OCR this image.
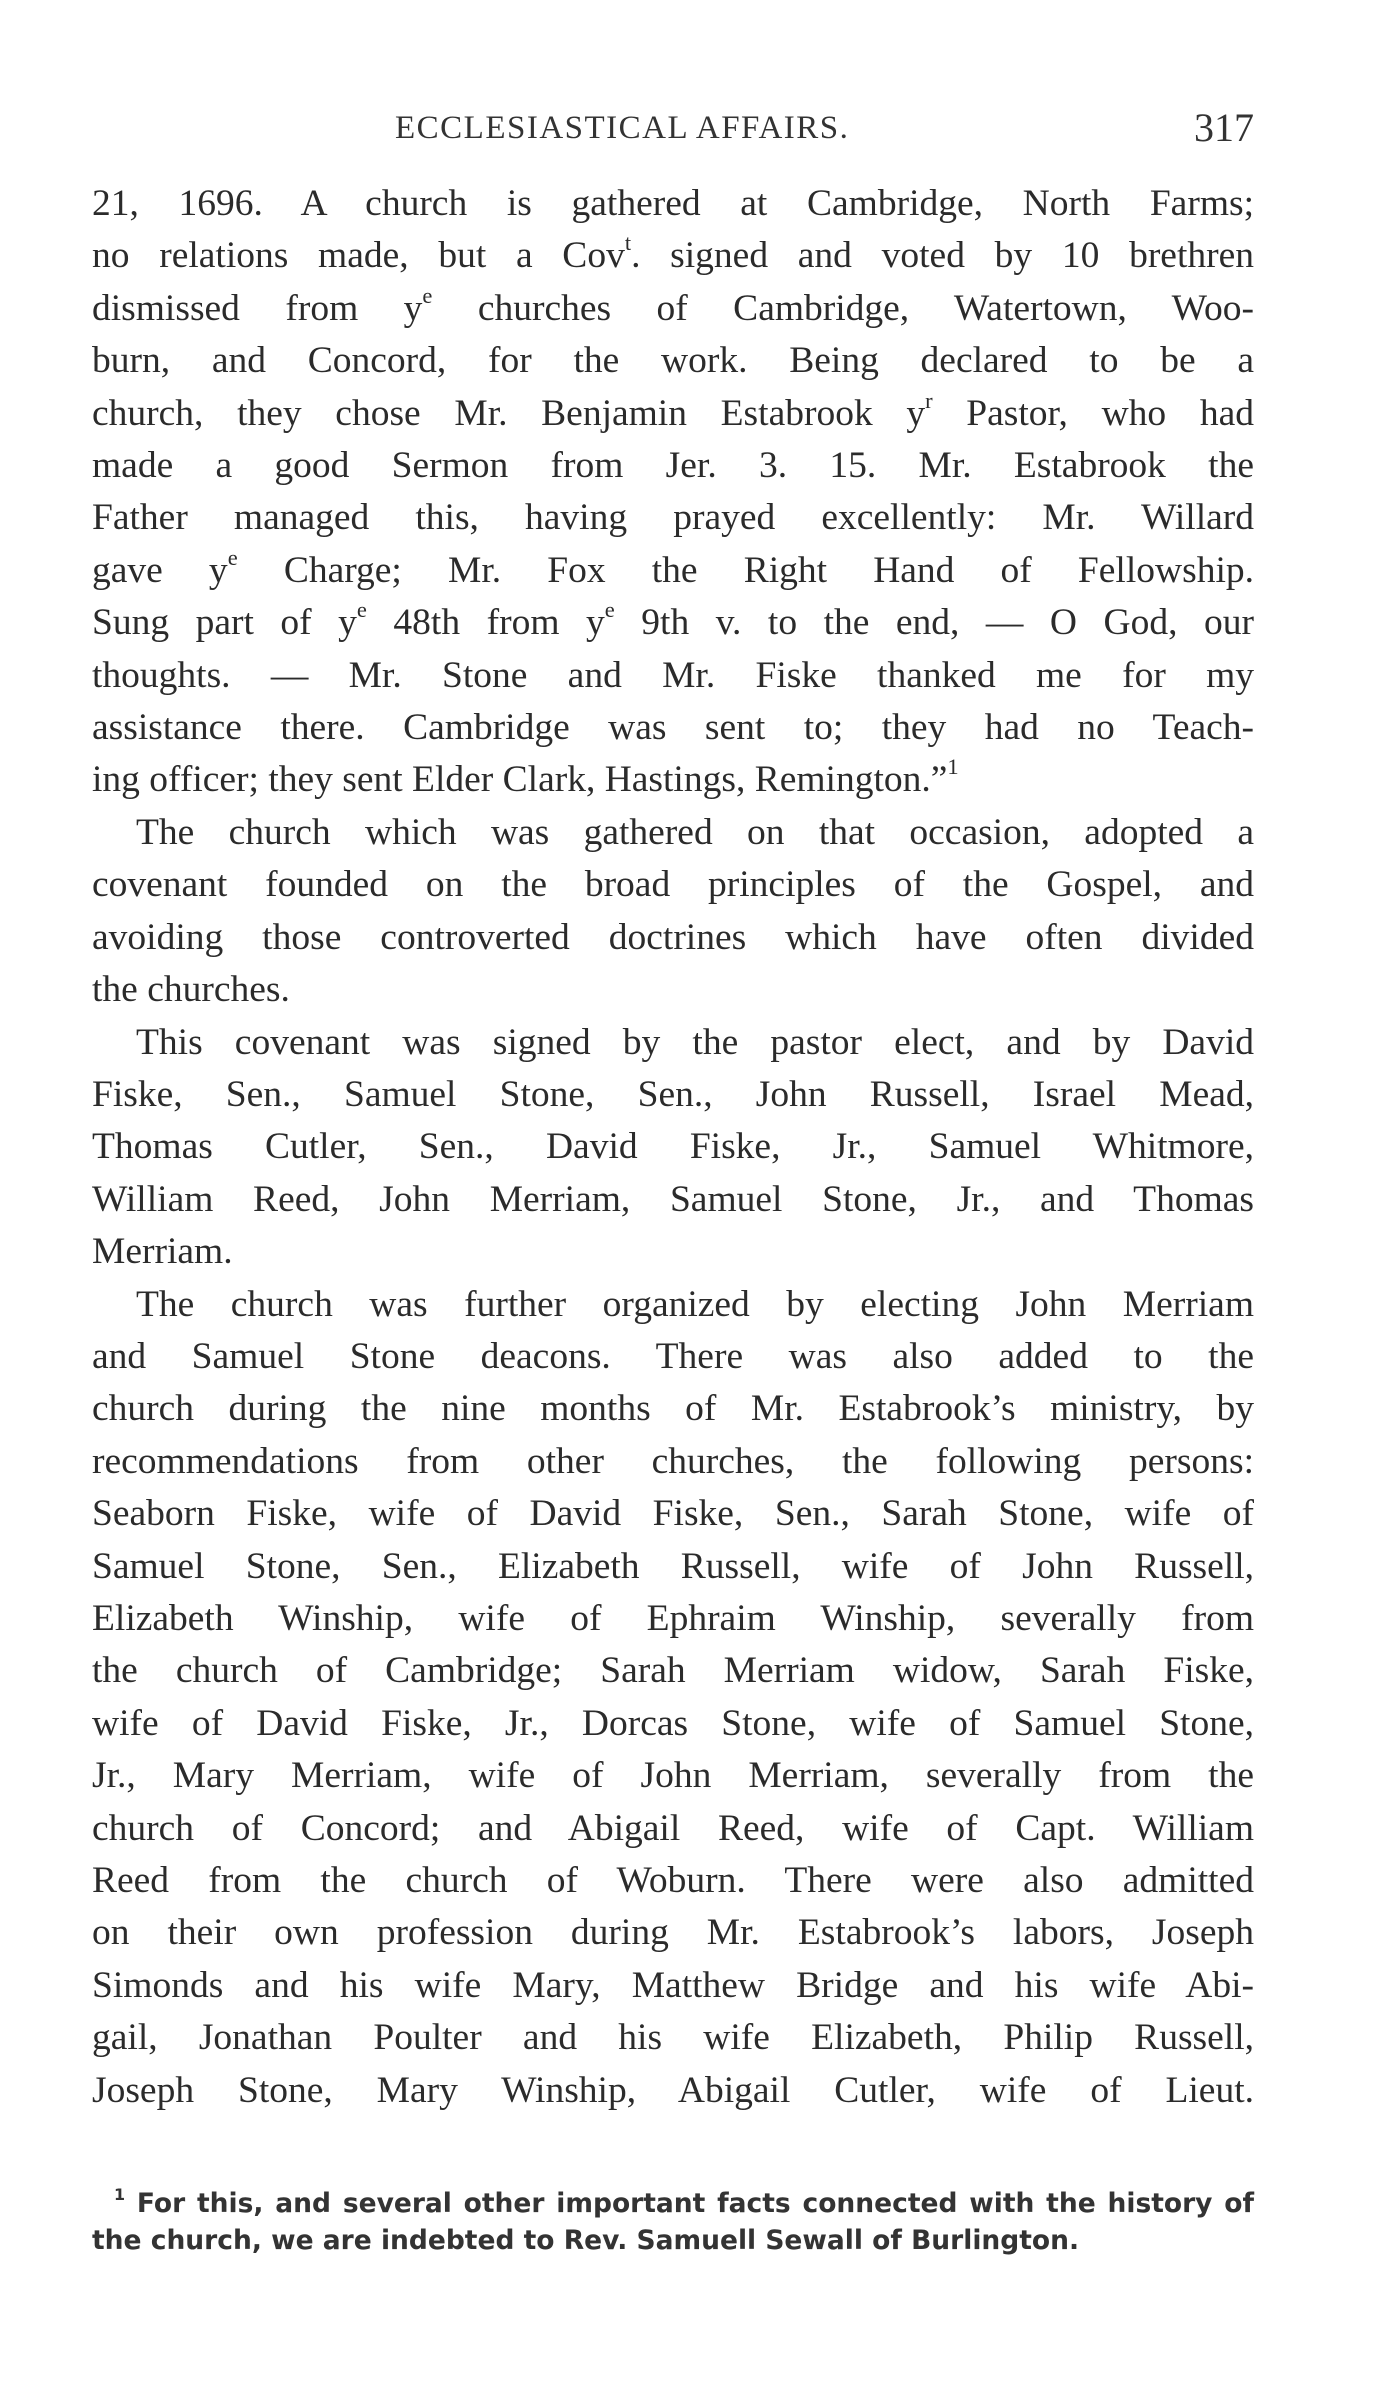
ECCLESIASTICAL AFFAIRS.	317

21, 1696. A church is gathered at Cambridge, North Farms;

no relations made, but a Cov$^t$. signed and voted by 10 brethren

dismissed from $y^e$ churches of Cambridge, Watertown, Woo-

burn, and Concord, for the work. Being declared to be a

church, they chose Mr. Benjamin Estabrook $y^r$ Pastor, who had

made a good Sermon from Jer. 3. 15. Mr. Estabrook the

Father managed this, having prayed excellently: Mr. Willard

gave $y^e$ Charge; Mr. Fox the Right Hand of Fellowship.

Sung part of $y^e$ 48th from $y^e$ 9th v. to the end, — O God, our

thoughts. — Mr. Stone and Mr. Fiske thanked me for my

assistance there. Cambridge was sent to; they had no Teach-

ing officer; they sent Elder Clark, Hastings, Remington.”$^1$

The church which was gathered on that occasion, adopted a

covenant founded on the broad principles of the Gospel, and

avoiding those controverted doctrines which have often divided

the churches.

This covenant was signed by the pastor elect, and by David

Fiske, Sen., Samuel Stone, Sen., John Russell, Israel Mead,

Thomas Cutler, Sen., David Fiske, Jr., Samuel Whitmore,

William Reed, John Merriam, Samuel Stone, Jr., and Thomas

Merriam.

The church was further organized by electing John Merriam

and Samuel Stone deacons. There was also added to the

church during the nine months of Mr. Estabrook’s ministry, by

recommendations from other churches, the following persons:

Seaborn Fiske, wife of David Fiske, Sen., Sarah Stone, wife of

Samuel Stone, Sen., Elizabeth Russell, wife of John Russell,

Elizabeth Winship, wife of Ephraim Winship, severally from

the church of Cambridge; Sarah Merriam widow, Sarah Fiske,

wife of David Fiske, Jr., Dorcas Stone, wife of Samuel Stone,

Jr., Mary Merriam, wife of John Merriam, severally from the

church of Concord; and Abigail Reed, wife of Capt. William

Reed from the church of Woburn. There were also admitted

on their own profession during Mr. Estabrook’s labors, Joseph

Simonds and his wife Mary, Matthew Bridge and his wife Abi-

gail, Jonathan Poulter and his wife Elizabeth, Philip Russell,

Joseph Stone, Mary Winship, Abigail Cutler, wife of Lieut.

$^1$ For this, and several other important facts connected with the history of

the church, we are indebted to Rev. Samuell Sewall of Burlington.
